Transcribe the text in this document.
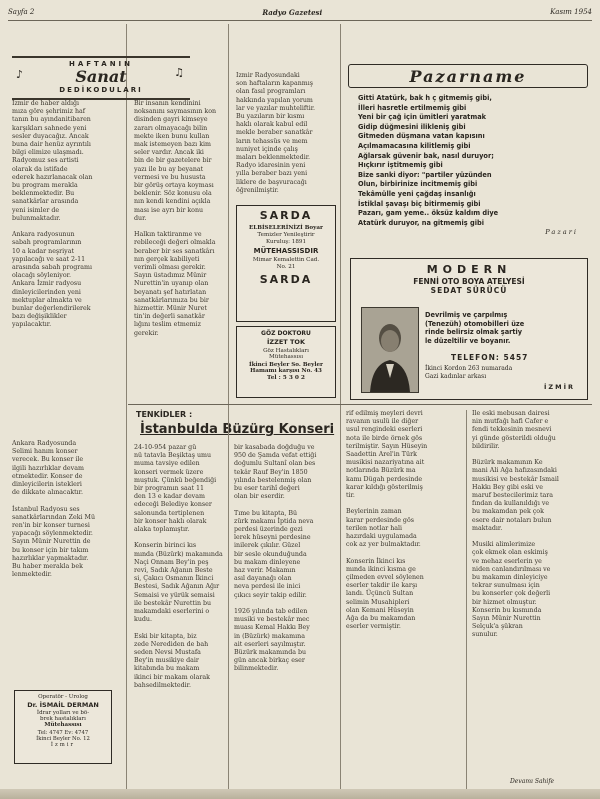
Sayfa 2	Radyo Gazetesi	Kasım 1954
♪	♫
HAFTANIN
Sanat
DEDİKODULARI
İzmir de haber aldığı
mıza göre şehrimiz haf
tanın bu ayındanitibaren
karşıkları sahnede yeni
sesler duyacağız. Ancak
buna dair henüz ayrıntılı
bilgi elimize ulaşmadı.
Radyomuz ses artisti
olarak da istifade
ederek hazırlanacak olan
bu program merakla
beklenmektedir. Bu
sanatkârlar arasında
yeni isimler de
bulunmaktadır.

Ankara radyosunun
sabah programlarının
10 a kadar neşriyat
yapılacağı ve saat 2-11
arasında sabah programı
olacağı söyleniyor.
Ankara İzmir radyosu
dinleyicilerinden yeni
mektuplar almakta ve
bunlar değerlendirilerek
bazı değişiklikler
yapılacaktır.
Bir insanın kendinini
noksanını saymasının kon
disinden gayri kimseye
zararı olmayacağı bilin
mekte iken bunu kullan
mak istemeyen bazı kim
seler vardır. Ancak iki
bin de bir gazetelere bir
yazı ile bu ay beyanat
vermesi ve bu hususta
bir görüş ortaya koyması
beklenir. Söz konusu ola
nın kendi kendini açıkla
ması ise ayrı bir konu
dur.

Halkın taktiranme ve
rebileceği değeri olmakla
beraber bir ses sanatkârı
nın gerçek kabiliyeti
verimli olması gerekir.
Sayın üstadımız Münir
Nurettin'in uyanıp olan
beyanatı şef hatırlatan
sanatkârlarımıza bu bir
hizmettir. Münir Nuret
tin'in değerli sanatkâr
lığını teslim etmemiz
gerekir.
İzmir Radyosundaki
son haftaların kapanmış
olan fasıl programları
hakkında yapılan yorum
lar ve yazılar muhteliftir.
Bu yazıların bir kısmı
haklı olarak kabul edil
mekle beraber sanatkâr
ların tehassüs ve mem
nuniyet içinde çalış
maları beklenmektedir.
Radyo idaresinin yeni
yılla beraber bazı yeni
liklere de başvuracağı
öğrenilmiştir.
SARDA
ELBİSELERİNİZİ Boyar
Temizler Yenileştirir
Kuruluş: 1891
MÜTEHASSISDIR
Mimar Kemalettin Cad.
No. 21
SARDA
GÖZ DOKTORU
İZZET TOK
Göz Hastalıkları
Mütehassısı
İkinci Beyler So. Beyler
Hamamı karşısı No. 43
Tel : 5 3 0 2
Pazarname
Gitti Atatürk, bak h ç gitmemiş gibi,
İlleri hasretle ertilmemiş gibi
Yeni bir çağ için ümitleri yaratmak
Gidip düğmesini ilikleniş gibi
Gitmeden düşmana vatan kapısını
Açılmamacasına kilitlemiş gibi
Ağlarsak güvenir bak, nasıl duruyor;
Hıçkırır iştitmemiş gibi
Bize sanki diyor: "partiler yüzünden
Olun, birbirinize incitmemiş gibi
Tekâmülle yeni çağdaş insanlığı
İstiklal şavaşı biç bitirmemiş gibi
Pazarı, gam yeme.. öksüz kaldım diye
Atatürk duruyor, na gitmemiş gibi
Pazari
MODERN
FENNİ OTO BOYA ATELYESİ
SEDAT SÜRÜCÜ
Devrilmiş ve çarpılmış
(Tenezüh) otomobilleri üze
rinde belirsiz olmak şartiy
le düzeltilir ve boyanır.
TELEFON: 5457
İkinci Kordon 263 numarada
Gazi kadınlar arkası
İZMİR
Operatör - Urolog
Dr. İSMAİL DERMAN
İdrar yolları ve bö-
brek hastalıkları
Mütehassısı
Tel: 4747 Ev: 4747
İkinci Beyler No. 12
İzmir
Ankara Radyosunda
Selimi hanım konser
verecek. Bu konser ile
ilgili hazırlıklar devam
etmektedir. Konser de
dinleyicilerin istekleri
de dikkate alınacaktır.

İstanbul Radyosu ses
sanatkârlarından Zeki Mü
ren'in bir konser turnesi
yapacağı söylenmektedir.
Sayın Münir Nurettin de
bu konser için bir takım
hazırlıklar yapmaktadır.
Bu haber merakla bek
lenmektedir.
TENKİDLER :
İstanbulda Büzürg Konseri
24-10-954 pazar gü
nü tatavla Beşiktaş umu
muma tavsiye edilen
konseri vermek üzere
muştuk. Çünkü beğendiği
bir programın saat 11
den 13 e kadar devam
edeceği Belediye konser
salonunda tertiplenen
bir konser haklı olarak
alaka toplamıştır.

Konserin birinci kıs
mında (Büzürk) makamında
Naçi Onnam Bey'in peş
revi, Sadık Ağanın Beste
si, Çakıcı Osmanın İkinci
Bestesi, Sadık Ağanın Ağır
Semaisi ve yürük semaisi
ile bestekâr Nurettin bu
makamdaki eserlerini o
kudu.

Eski bir kitapta, biz
zede Nerediden de bah
seden Nevsi Mustafa
Bey'in musikiye dair
kitabında bu makam
ikinci bir makam olarak
bahsedilmektedir.
bir kasabada doğduğu ve
950 de Şamda vefat ettiği
doğumlu Sultanî olan bes
tekâr Rauf Bey'in 1850
yılında bestelenmiş olan
bu eser tarihî değeri
olan bir eserdir.

Tıme bu kitapta, Bü
zürk makamı İptida neva
perdesi üzerinde gezi
lerek hüseyni perdesine
inilerek çıkılır. Güzel
bir sesle okunduğunda
bu makam dinleyene
haz verir. Makamın
asıl dayanağı olan
neva perdesi ile inici
çıkıcı seyir takip edilir.

1926 yılında tab edilen
musiki ve bestekâr mec
muası Kemal Hakkı Bey
in (Büzürk) makamına
ait eserleri sayılmıştır.
Büzürk makamında bu
gün ancak birkaç eser
bilinmektedir.
rif edilmiş meyleri devri
ravanın usulü ile diğer
usul rengindeki eserleri
nota ile birde örnek gös
terilmiştir. Sayın Hüseyin
Saadettin Arel'in Türk
musikisi nazariyatına ait
notlarında Büzürk ma
kamı Dügah perdesinde
karar kıldığı gösterilmiş
tir.

Beylerinin zaman
karar perdesinde gös
terilen notlar hali
hazırdaki uygulamada
cok az yer bulmaktadır.

Konserin İkinci kıs
mında ikinci kısma ge
çilmeden evvel söylenen
eserler takdir ile karşı
landı. Üçüncü Sultan
selimin Musahipleri
olan Kemani Hüseyin
Ağa da bu makamdan
eserler vermiştir.
İle eski mebusan dairesi
nin mutfağı hafi Cafer e
fendi tekkesinin mesnevi
yi günde gösterildi olduğu
bildirilir.

Büzürk makamının Ke
mani Ali Ağa hafızasındaki
musikisi ve bestekâr Ismail
Hakkı Bey gibi eski ve
maruf bestecilerimiz tara
fından da kullanıldığı ve
bu makamdan pek çok
esere dair notaları bulun
maktadır.

Musiki alimlerimize
çok ekmek olan eskimiş
ve mehaz eserlerin ye
niden canlandırılması ve
bu makamın dinleyiciye
tekrar sunulması için
bu konserler çok değerli
bir hizmet olmuştur.
Konserin bu kısmında
Sayın Münir Nurettin
Selçuk'a şükran
sunulur.
Devamı Sahife
